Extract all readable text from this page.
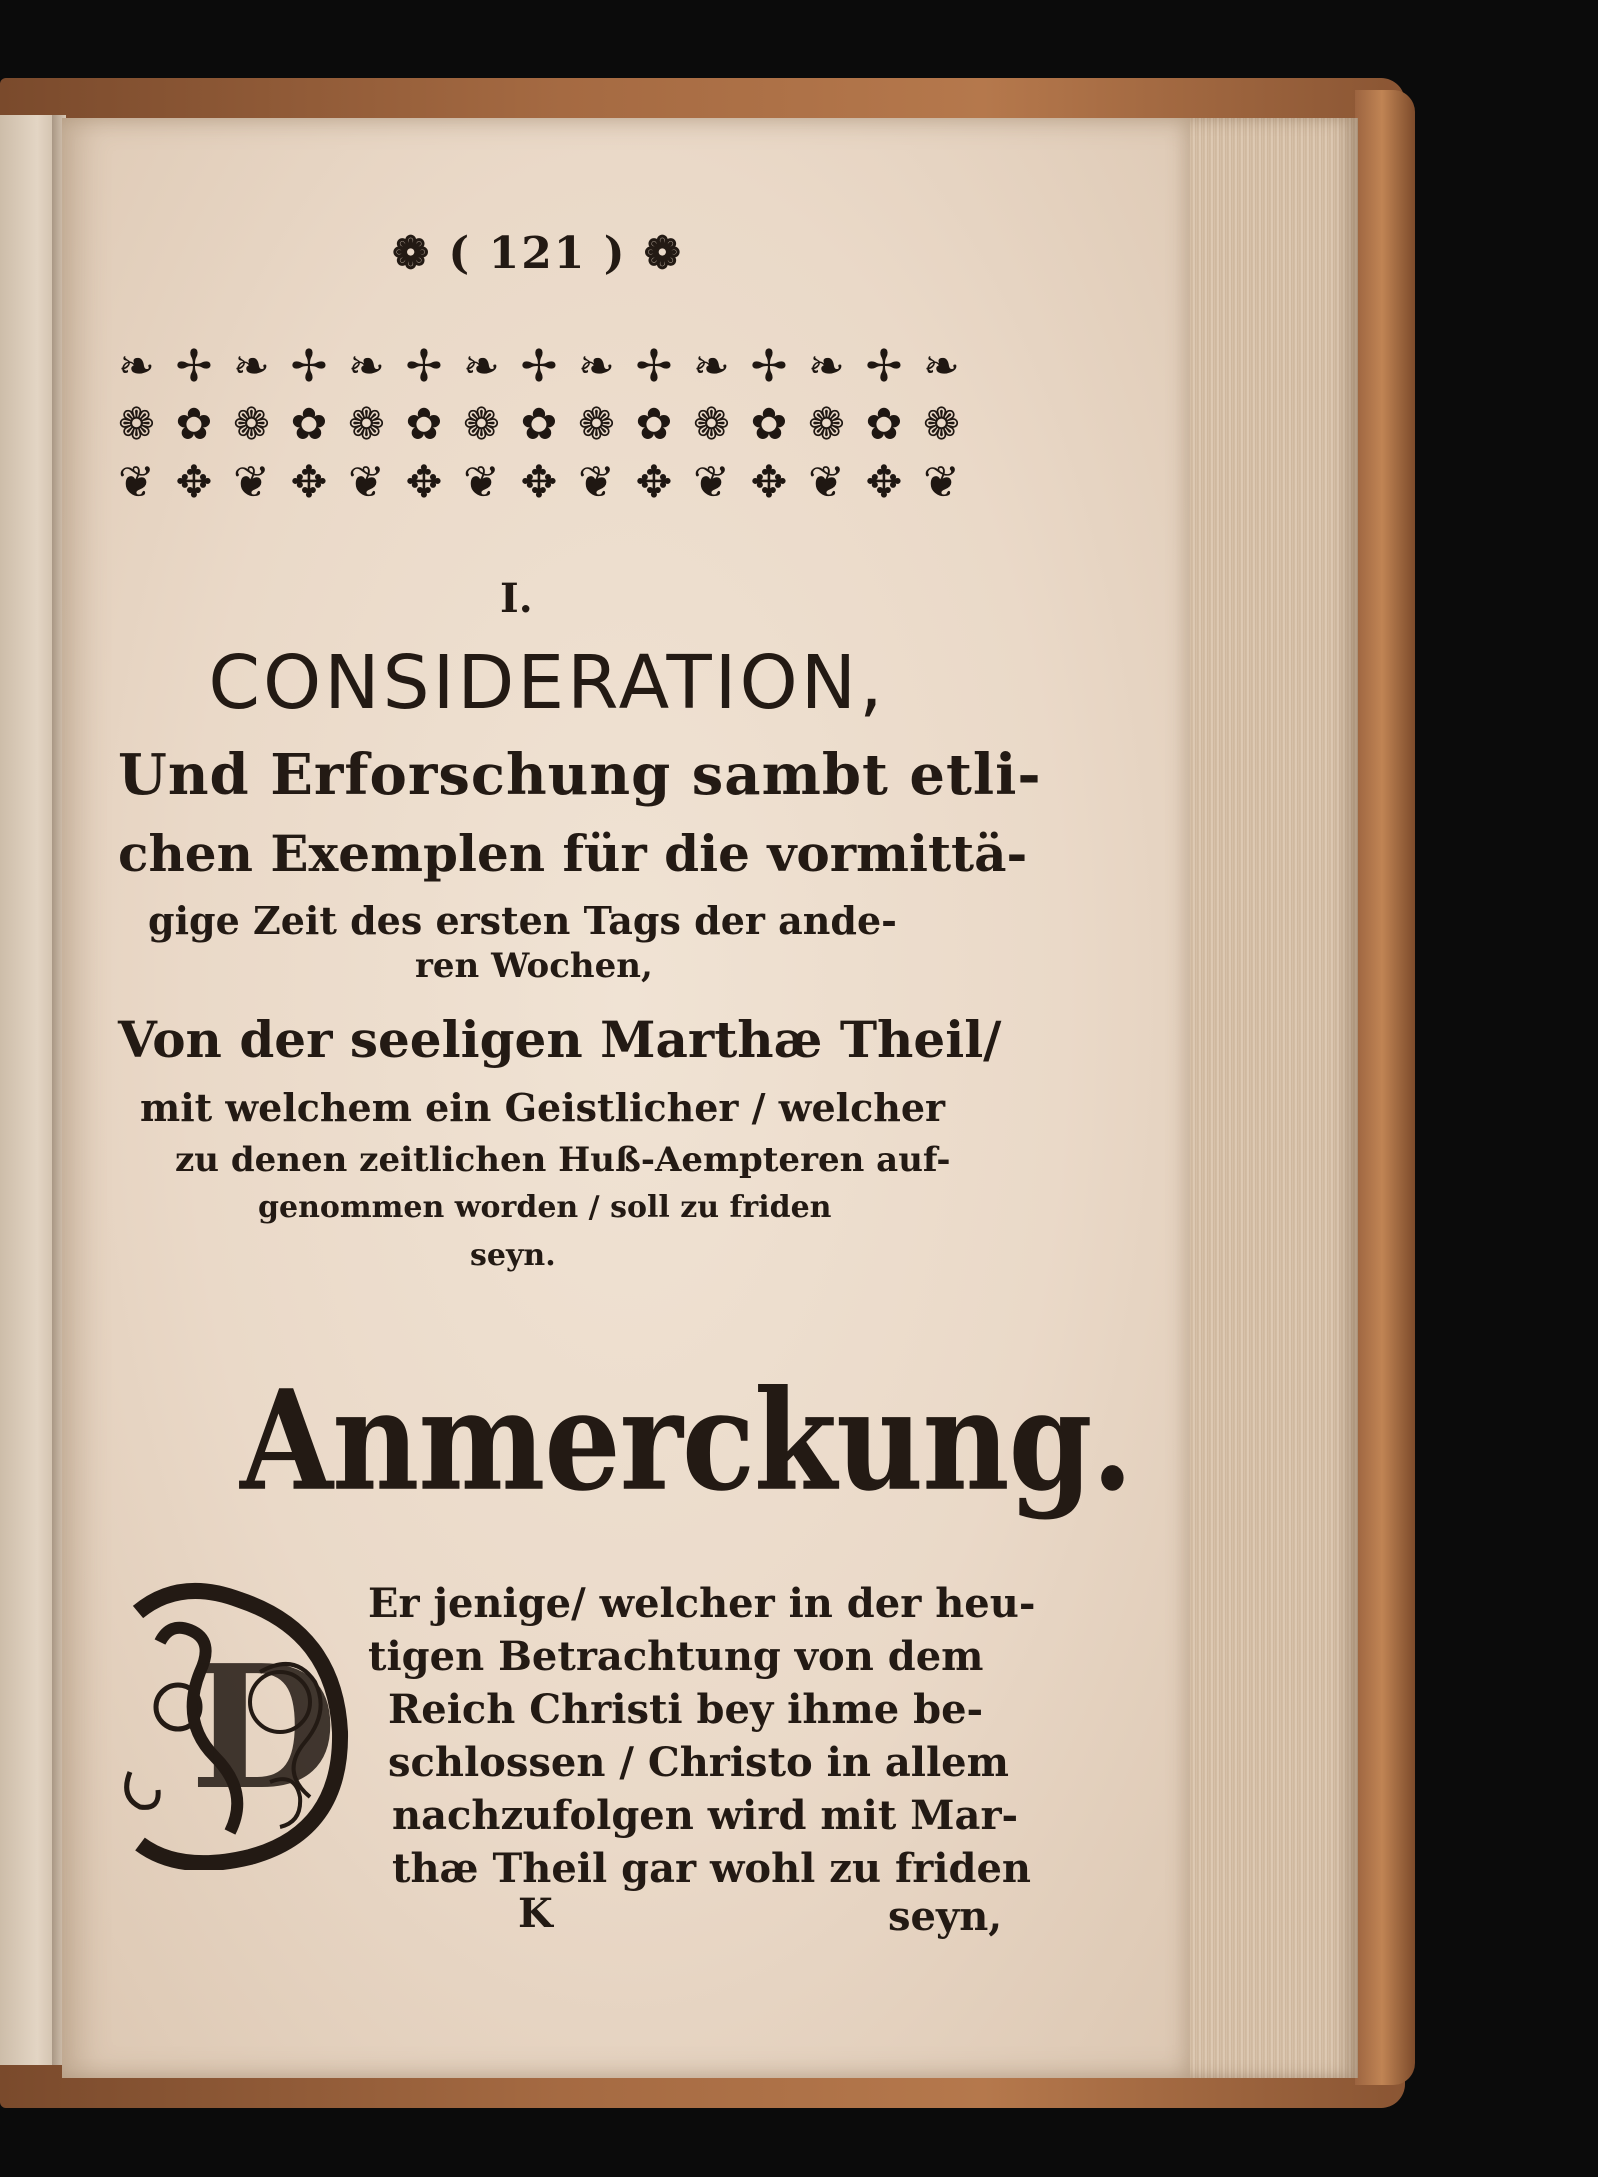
❁ ( 121 ) ❁
❧ ✢ ❧ ✢ ❧ ✢ ❧ ✢ ❧ ✢ ❧ ✢ ❧ ✢ ❧
❁ ✿ ❁ ✿ ❁ ✿ ❁ ✿ ❁ ✿ ❁ ✿ ❁ ✿ ❁
❦ ✥ ❦ ✥ ❦ ✥ ❦ ✥ ❦ ✥ ❦ ✥ ❦ ✥ ❦
I.
CONSIDERATION,
Und Erforschung sambt etli-
chen Exemplen für die vormittä-
gige Zeit des ersten Tags der ande-
ren Wochen,
Von der seeligen Marthæ Theil/
mit welchem ein Geistlicher / welcher
zu denen zeitlichen Huß-Aempteren auf-
genommen worden / soll zu friden
seyn.
Anmerckung.
D
Er jenige/ welcher in der heu-
tigen Betrachtung von dem
Reich Christi bey ihme be-
schlossen / Christo in allem
nachzufolgen wird mit Mar-
thæ Theil gar wohl zu friden
K	seyn,
